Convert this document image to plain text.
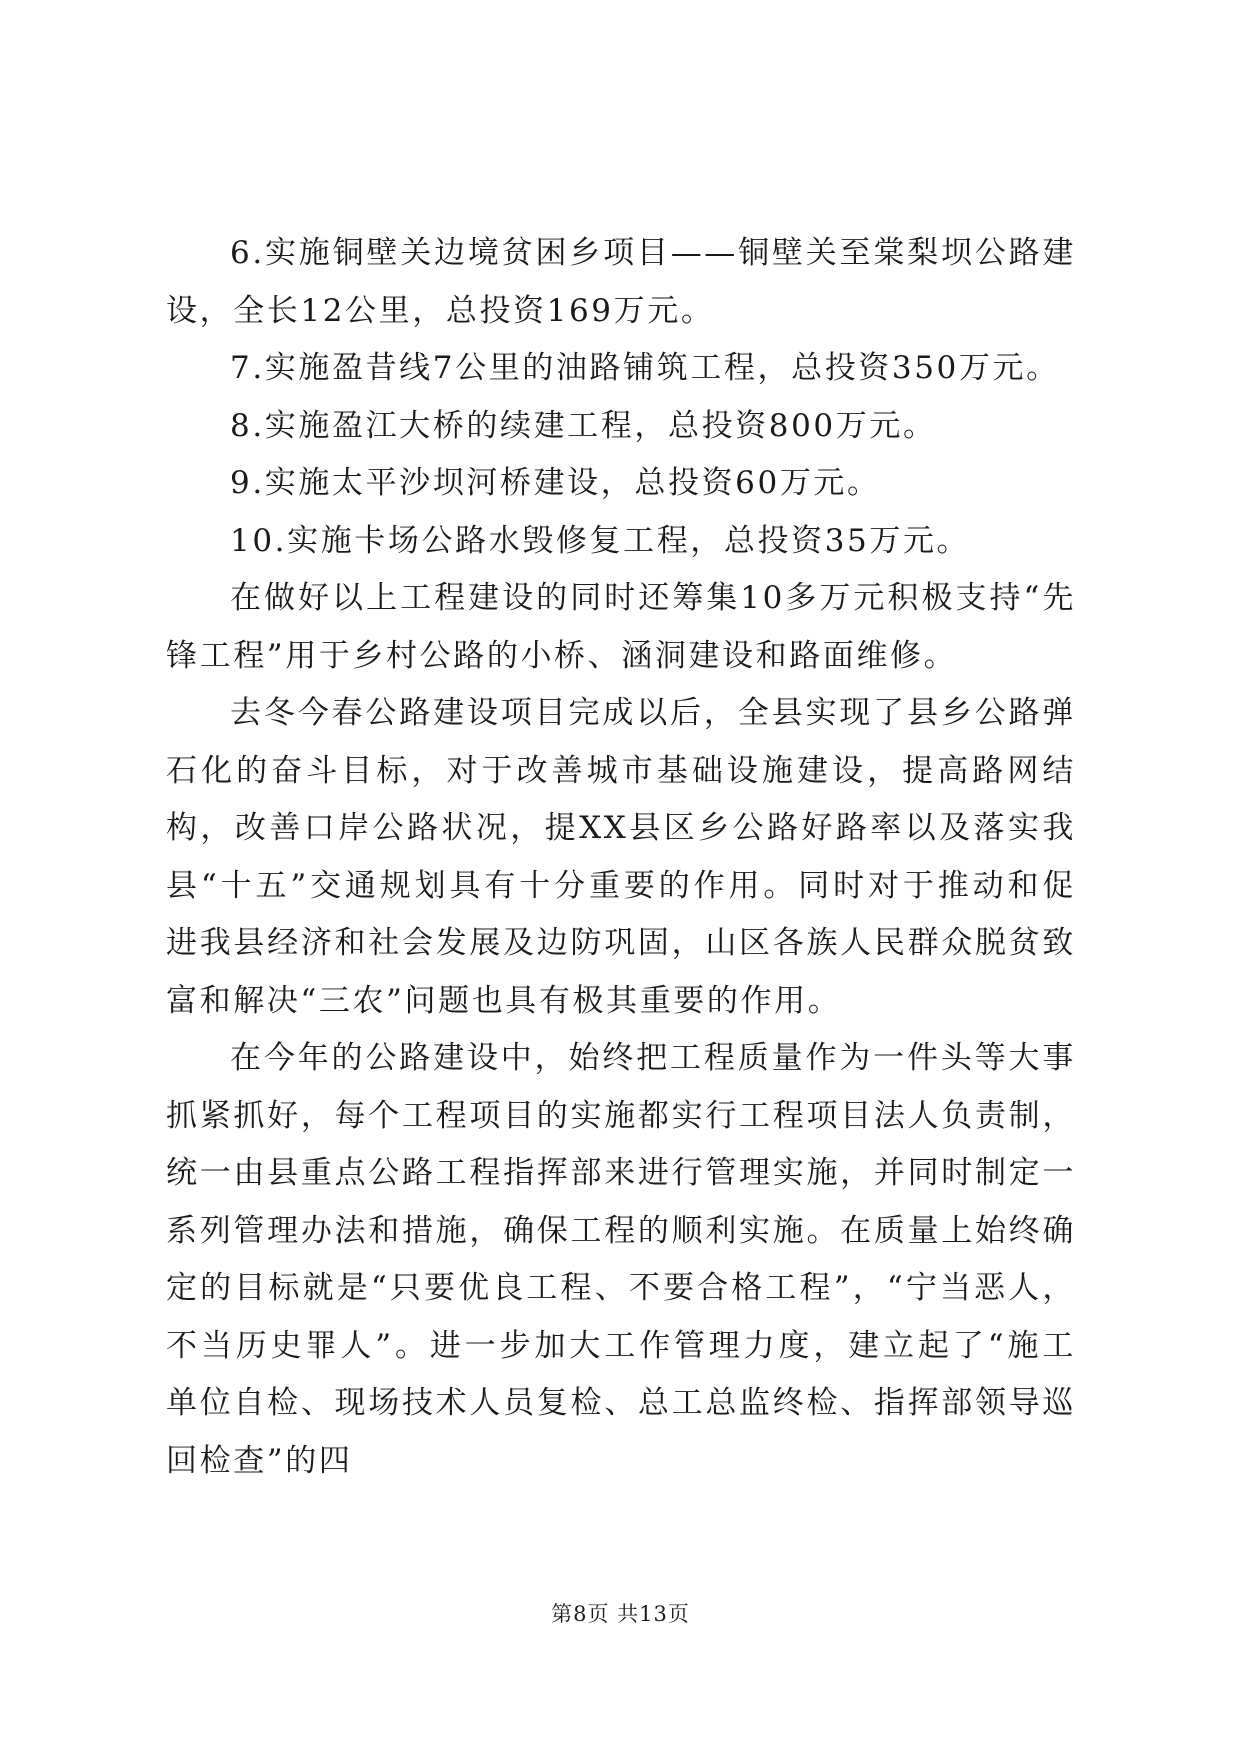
6.实施铜壁关边境贫困乡项目——铜壁关至棠梨坝公路建设，全长12公里，总投资169万元。

7.实施盈昔线7公里的油路铺筑工程，总投资350万元。

8.实施盈江大桥的续建工程，总投资800万元。

9.实施太平沙坝河桥建设，总投资60万元。

10.实施卡场公路水毁修复工程，总投资35万元。

在做好以上工程建设的同时还筹集10多万元积极支持“先锋工程”用于乡村公路的小桥、涵洞建设和路面维修。

去冬今春公路建设项目完成以后，全县实现了县乡公路弹石化的奋斗目标，对于改善城市基础设施建设，提高路网结构，改善口岸公路状况，提XX县区乡公路好路率以及落实我县“十五”交通规划具有十分重要的作用。同时对于推动和促进我县经济和社会发展及边防巩固，山区各族人民群众脱贫致富和解决“三农”问题也具有极其重要的作用。

在今年的公路建设中，始终把工程质量作为一件头等大事抓紧抓好，每个工程项目的实施都实行工程项目法人负责制，统一由县重点公路工程指挥部来进行管理实施，并同时制定一系列管理办法和措施，确保工程的顺利实施。在质量上始终确定的目标就是“只要优良工程、不要合格工程”，“宁当恶人，不当历史罪人”。进一步加大工作管理力度，建立起了“施工单位自检、现场技术人员复检、总工总监终检、指挥部领导巡回检查”的四

第8页 共13页
